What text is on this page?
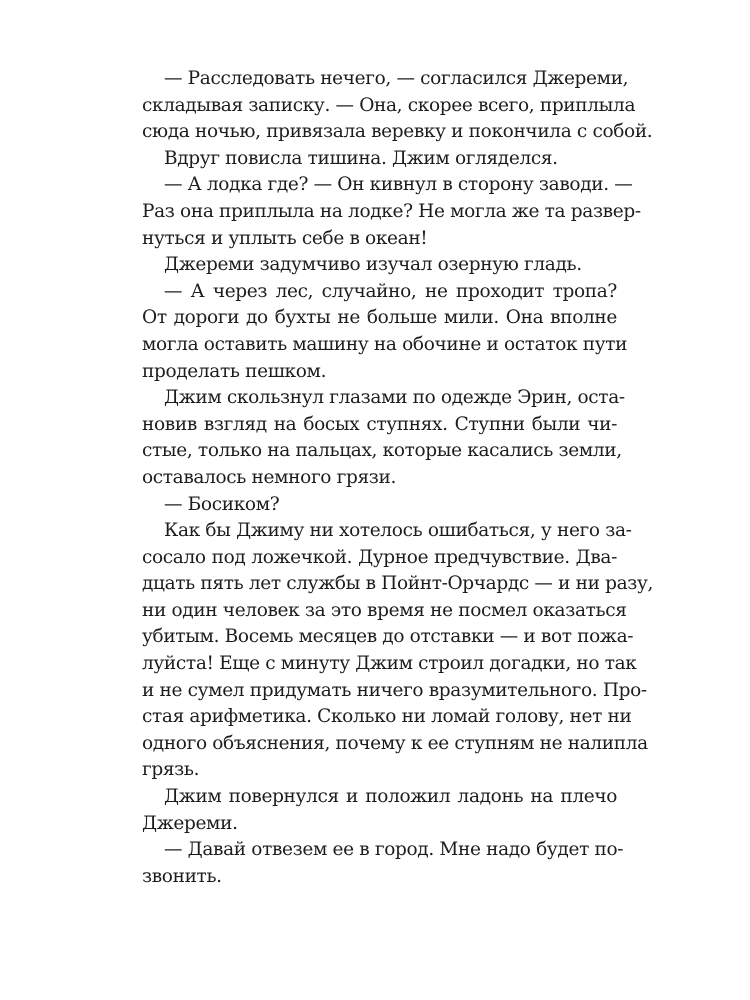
— Расследовать нечего, — согласился Джереми,
складывая записку. — Она, скорее всего, приплыла
сюда ночью, привязала веревку и покончила с собой.
Вдруг повисла тишина. Джим огляделся.
— А лодка где? — Он кивнул в сторону заводи. —
Раз она приплыла на лодке? Не могла же та развер-
нуться и уплыть себе в океан!
Джереми задумчиво изучал озерную гладь.
— А через лес, случайно, не проходит тропа?
От дороги до бухты не больше мили. Она вполне
могла оставить машину на обочине и остаток пути
проделать пешком.
Джим скользнул глазами по одежде Эрин, оста-
новив взгляд на босых ступнях. Ступни были чи-
стые, только на пальцах, которые касались земли,
оставалось немного грязи.
— Босиком?
Как бы Джиму ни хотелось ошибаться, у него за-
сосало под ложечкой. Дурное предчувствие. Два-
дцать пять лет службы в Пойнт-Орчардс — и ни разу,
ни один человек за это время не посмел оказаться
убитым. Восемь месяцев до отставки — и вот пожа-
луйста! Еще с минуту Джим строил догадки, но так
и не сумел придумать ничего вразумительного. Про-
стая арифметика. Сколько ни ломай голову, нет ни
одного объяснения, почему к ее ступням не налипла
грязь.
Джим повернулся и положил ладонь на плечо
Джереми.
— Давай отвезем ее в город. Мне надо будет по-
звонить.
